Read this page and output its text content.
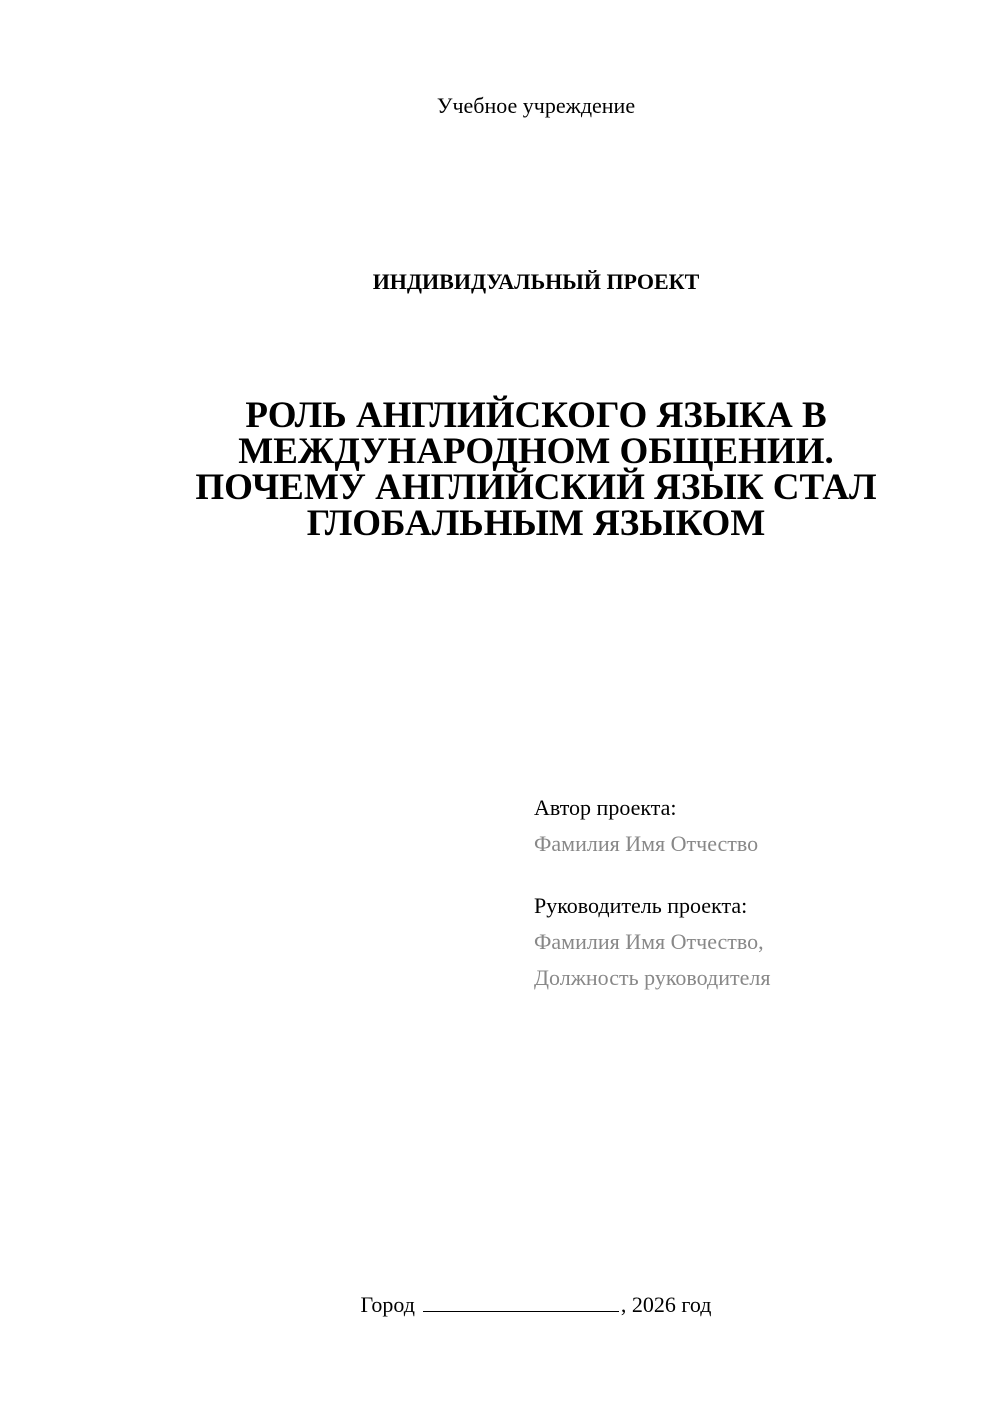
Учебное учреждение
ИНДИВИДУАЛЬНЫЙ ПРОЕКТ
РОЛЬ АНГЛИЙСКОГО ЯЗЫКА В
МЕЖДУНАРОДНОМ ОБЩЕНИИ.
ПОЧЕМУ АНГЛИЙСКИЙ ЯЗЫК СТАЛ
ГЛОБАЛЬНЫМ ЯЗЫКОМ
Автор проекта:
Фамилия Имя Отчество
Руководитель проекта:
Фамилия Имя Отчество,
Должность руководителя
Город	, 2026 год
